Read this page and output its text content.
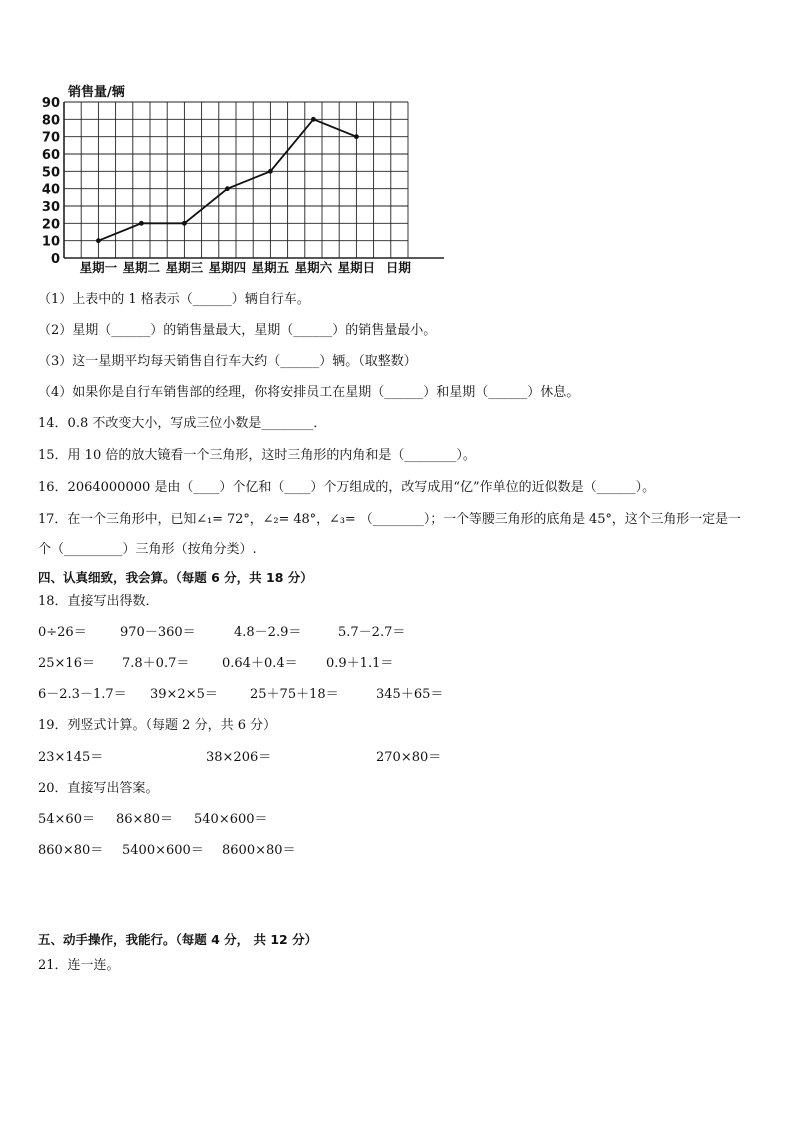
0
10
20
30
40
50
60
70
80
90
销售量/辆
星期一 星期二 星期三 星期四 星期五 星期六 星期日 日期
（1）上表中的 1 格表示（______）辆自行车。
（2）星期（______）的销售量最大，星期（______）的销售量最小。
（3）这一星期平均每天销售自行车大约（______）辆。（取整数）
（4）如果你是自行车销售部的经理，你将安排员工在星期（______）和星期（______）休息。
14．0.8 不改变大小，写成三位小数是________．
15．用 10 倍的放大镜看一个三角形，这时三角形的内角和是（________）。
16．2064000000 是由（____）个亿和（____）个万组成的，改写成用“亿”作单位的近似数是（______）。
17．在一个三角形中，已知∠₁= 72°，∠₂= 48°，∠₃= （________）；一个等腰三角形的底角是 45°，这个三角形一定是一
个（_________）三角形（按角分类）.
四、认真细致，我会算。（每题 6 分，共 18 分）
18．直接写出得数．
0÷26＝	970－360＝	4.8－2.9＝	5.7－2.7＝
25×16＝ 7.8＋0.7＝	0.64＋0.4＝ 0.9＋1.1＝
6－2.3－1.7＝ 39×2×5＝ 25＋75＋18＝	345＋65＝
19．列竖式计算。（每题 2 分，共 6 分）
23×145＝	38×206＝	270×80＝
20．直接写出答案。
54×60＝ 86×80＝ 540×600＝
860×80＝ 5400×600＝ 8600×80＝
五、动手操作，我能行。（每题 4 分， 共 12 分）
21．连一连。
